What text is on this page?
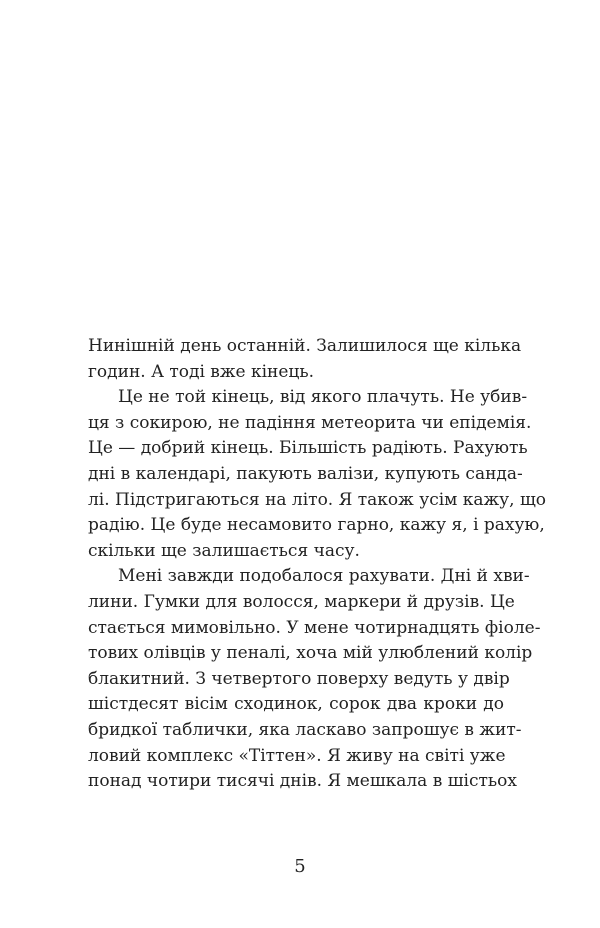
Нинішній день останній. Залишилося ще кілька
годин. А тоді вже кінець.

Це не той кінець, від якого плачуть. Не убив-
ця з сокирою, не падіння метеорита чи епідемія.
Це — добрий кінець. Більшість радіють. Рахують
дні в календарі, пакують валізи, купують санда-
лі. Підстригаються на літо. Я також усім кажу, що
радію. Це буде несамовито гарно, кажу я, і рахую,
скільки ще залишається часу.

Мені завжди подобалося рахувати. Дні й хви-
лини. Гумки для волосся, маркери й друзів. Це
стається мимовільно. У мене чотирнадцять фіоле-
тових олівців у пеналі, хоча мій улюблений колір
блакитний. З четвертого поверху ведуть у двір
шістдесят вісім сходинок, сорок два кроки до
бридкої таблички, яка ласкаво запрошує в жит-
ловий комплекс «Тіттен». Я живу на світі уже
понад чотири тисячі днів. Я мешкала в шістьох

5
